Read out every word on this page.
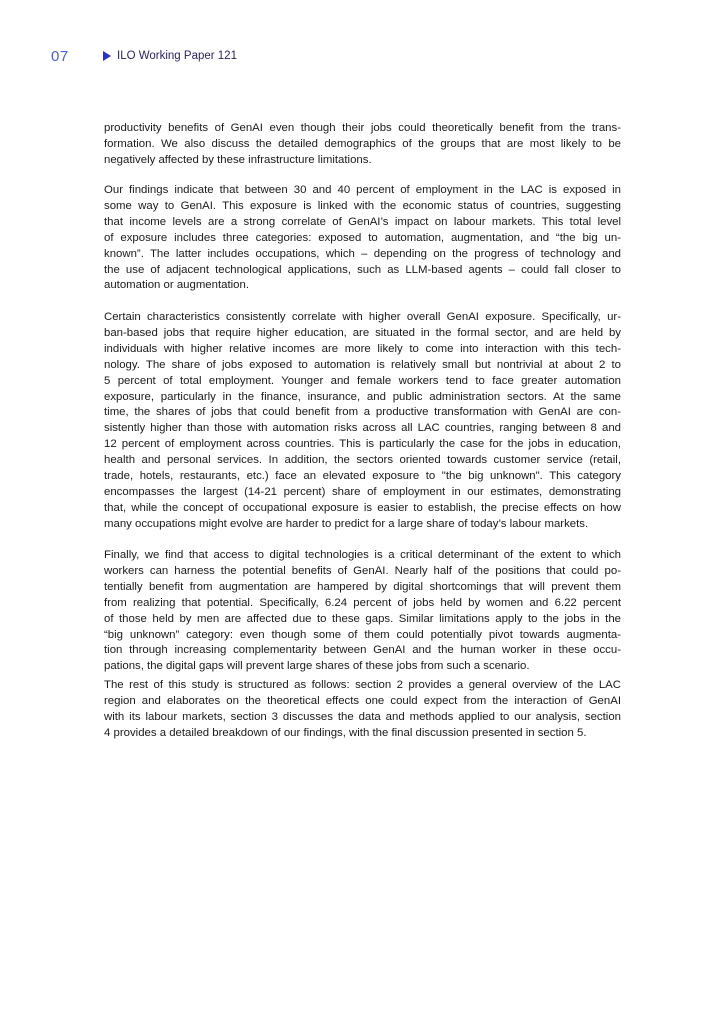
07	ILO Working Paper 121
productivity benefits of GenAI even though their jobs could theoretically benefit from the trans-
formation. We also discuss the detailed demographics of the groups that are most likely to be
negatively affected by these infrastructure limitations.
Our findings indicate that between 30 and 40 percent of employment in the LAC is exposed in
some way to GenAI. This exposure is linked with the economic status of countries, suggesting
that income levels are a strong correlate of GenAI’s impact on labour markets. This total level
of exposure includes three categories: exposed to automation, augmentation, and “the big un-
known”. The latter includes occupations, which – depending on the progress of technology and
the use of adjacent technological applications, such as LLM-based agents – could fall closer to
automation or augmentation.
Certain characteristics consistently correlate with higher overall GenAI exposure. Specifically, ur-
ban-based jobs that require higher education, are situated in the formal sector, and are held by
individuals with higher relative incomes are more likely to come into interaction with this tech-
nology. The share of jobs exposed to automation is relatively small but nontrivial at about 2 to
5 percent of total employment. Younger and female workers tend to face greater automation
exposure, particularly in the finance, insurance, and public administration sectors. At the same
time, the shares of jobs that could benefit from a productive transformation with GenAI are con-
sistently higher than those with automation risks across all LAC countries, ranging between 8 and
12 percent of employment across countries. This is particularly the case for the jobs in education,
health and personal services. In addition, the sectors oriented towards customer service (retail,
trade, hotels, restaurants, etc.) face an elevated exposure to "the big unknown". This category
encompasses the largest (14-21 percent) share of employment in our estimates, demonstrating
that, while the concept of occupational exposure is easier to establish, the precise effects on how
many occupations might evolve are harder to predict for a large share of today’s labour markets.
Finally, we find that access to digital technologies is a critical determinant of the extent to which
workers can harness the potential benefits of GenAI. Nearly half of the positions that could po-
tentially benefit from augmentation are hampered by digital shortcomings that will prevent them
from realizing that potential. Specifically, 6.24 percent of jobs held by women and 6.22 percent
of those held by men are affected due to these gaps. Similar limitations apply to the jobs in the
“big unknown” category: even though some of them could potentially pivot towards augmenta-
tion through increasing complementarity between GenAI and the human worker in these occu-
pations, the digital gaps will prevent large shares of these jobs from such a scenario.
The rest of this study is structured as follows: section 2 provides a general overview of the LAC
region and elaborates on the theoretical effects one could expect from the interaction of GenAI
with its labour markets, section 3 discusses the data and methods applied to our analysis, section
4 provides a detailed breakdown of our findings, with the final discussion presented in section 5.
